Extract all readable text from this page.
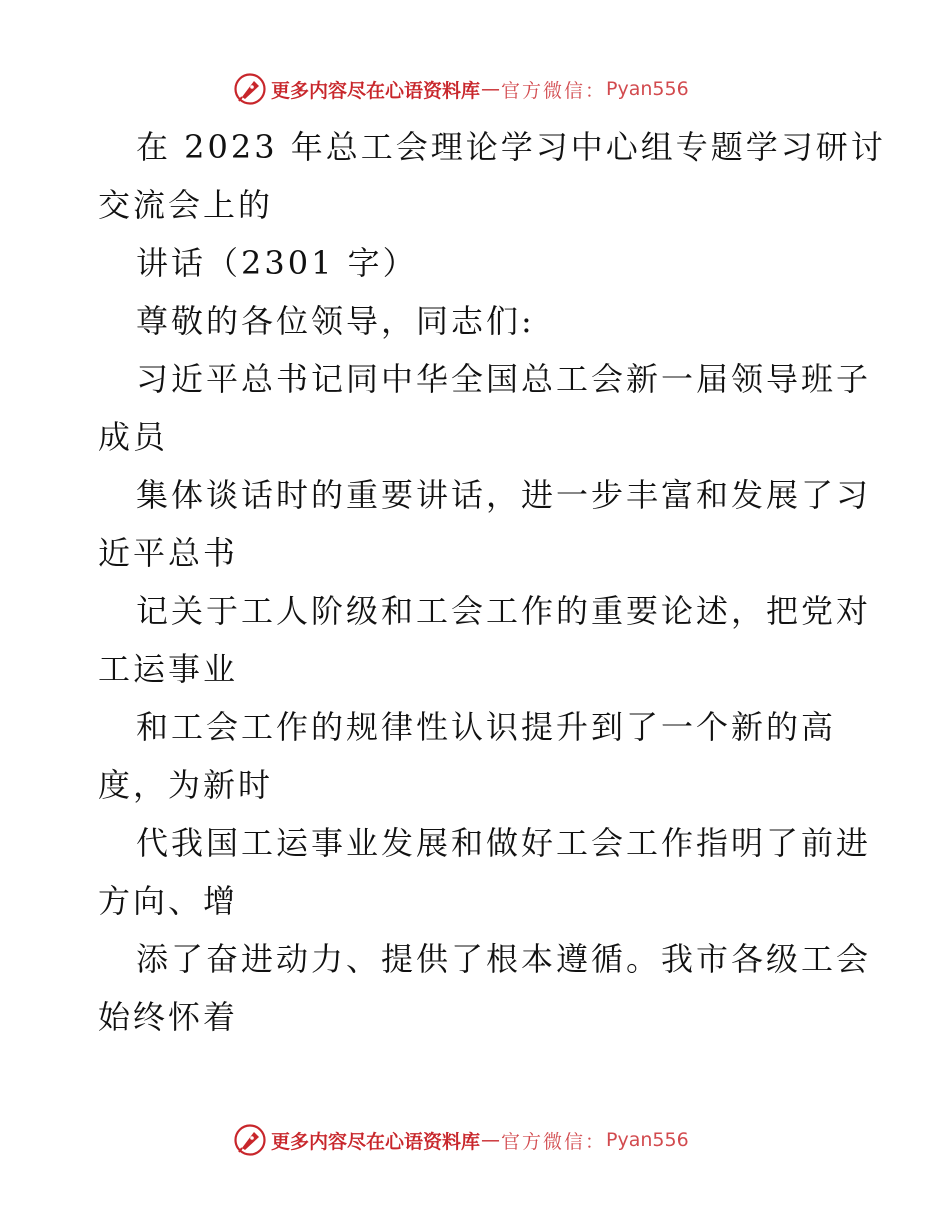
更多内容尽在心语资料库 — 官方微信： Pyan556
在 2023 年总工会理论学习中心组专题学习研讨
交流会上的
讲话（2301 字）
尊敬的各位领导，同志们:
习近平总书记同中华全国总工会新一届领导班子
成员
集体谈话时的重要讲话，进一步丰富和发展了习
近平总书
记关于工人阶级和工会工作的重要论述，把党对
工运事业
和工会工作的规律性认识提升到了一个新的高
度，为新时
代我国工运事业发展和做好工会工作指明了前进
方向、增
添了奋进动力、提供了根本遵循。我市各级工会
始终怀着
更多内容尽在心语资料库 — 官方微信： Pyan556
